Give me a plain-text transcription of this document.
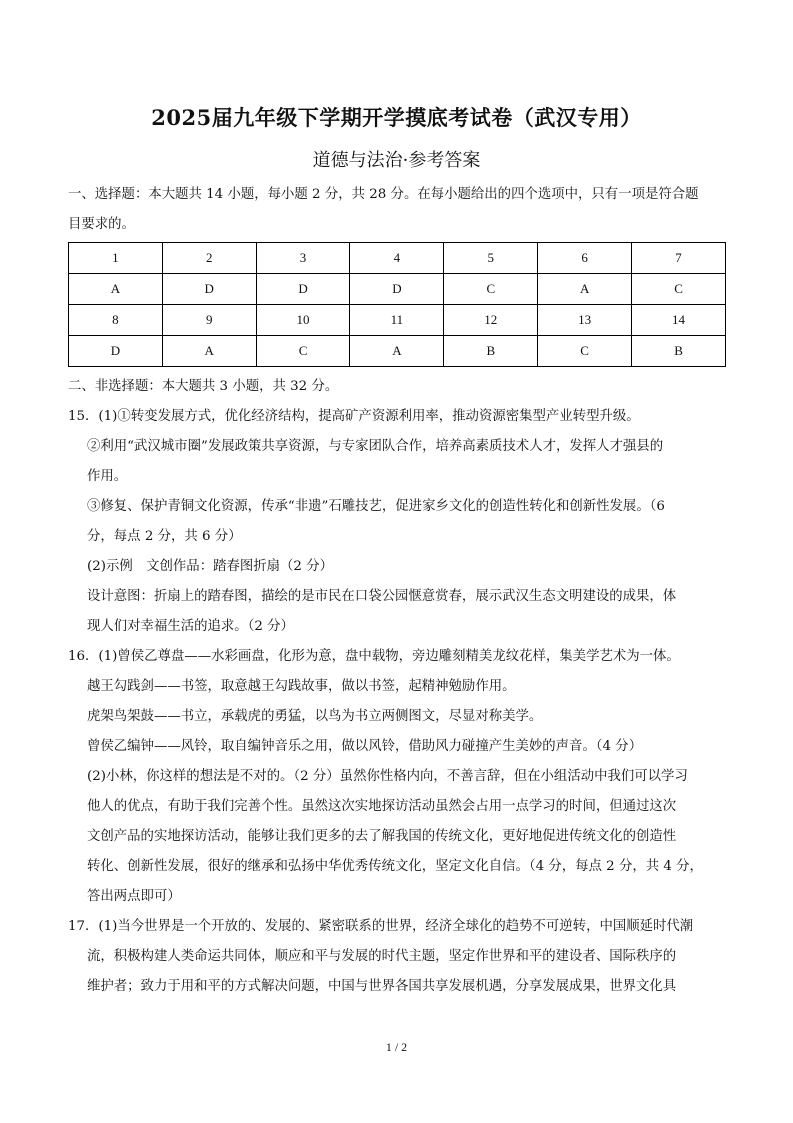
2025届九年级下学期开学摸底考试卷（武汉专用）
道德与法治·参考答案

一、选择题：本大题共 14 小题，每小题 2 分，共 28 分。在每小题给出的四个选项中，只有一项是符合题

目要求的。

1	2	3	4	5	6	7
A	D	D	D	C	A	C
8	9	10	11	12	13	14
D	A	C	A	B	C	B

二、非选择题：本大题共 3 小题，共 32 分。

15．(1)①转变发展方式，优化经济结构，提高矿产资源利用率，推动资源密集型产业转型升级。

②利用“武汉城市圈”发展政策共享资源，与专家团队合作，培养高素质技术人才，发挥人才强县的

作用。

③修复、保护青铜文化资源，传承“非遗”石雕技艺，促进家乡文化的创造性转化和创新性发展。（6

分，每点 2 分，共 6 分）

(2)示例　文创作品：踏春图折扇（2 分）

设计意图：折扇上的踏春图，描绘的是市民在口袋公园惬意赏春，展示武汉生态文明建设的成果，体

现人们对幸福生活的追求。（2 分）

16．(1)曾侯乙尊盘——水彩画盘，化形为意，盘中载物，旁边雕刻精美龙纹花样，集美学艺术为一体。

越王勾践剑——书签，取意越王勾践故事，做以书签，起精神勉励作用。

虎架鸟架鼓——书立，承载虎的勇猛，以鸟为书立两侧图文，尽显对称美学。

曾侯乙编钟——风铃，取自编钟音乐之用，做以风铃，借助风力碰撞产生美妙的声音。（4 分）

(2)小林，你这样的想法是不对的。（2 分）虽然你性格内向，不善言辞，但在小组活动中我们可以学习

他人的优点，有助于我们完善个性。虽然这次实地探访活动虽然会占用一点学习的时间，但通过这次

文创产品的实地探访活动，能够让我们更多的去了解我国的传统文化，更好地促进传统文化的创造性

转化、创新性发展，很好的继承和弘扬中华优秀传统文化，坚定文化自信。（4 分，每点 2 分，共 4 分，

答出两点即可）

17．(1)当今世界是一个开放的、发展的、紧密联系的世界，经济全球化的趋势不可逆转，中国顺延时代潮

流，积极构建人类命运共同体，顺应和平与发展的时代主题，坚定作世界和平的建设者、国际秩序的

维护者；致力于用和平的方式解决问题，中国与世界各国共享发展机遇，分享发展成果，世界文化具

1 / 2
